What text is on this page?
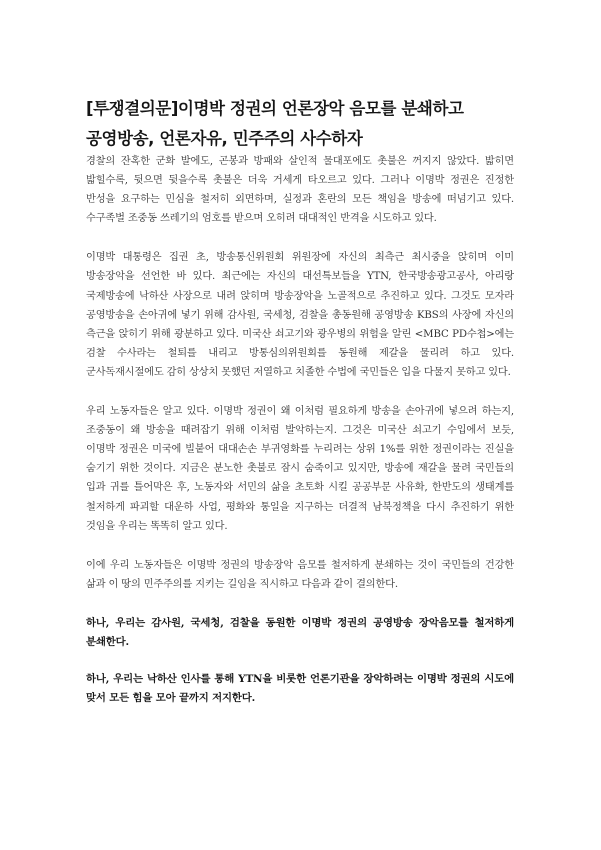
[투쟁결의문]이명박 정권의 언론장악 음모를 분쇄하고
공영방송, 언론자유, 민주주의 사수하자

경찰의 잔혹한 군화 발에도, 곤봉과 방패와 살인적 물대포에도 촛불은 꺼지지 않았다. 밟히면 밟힐수록, 뒷으면 뒷을수록 촛불은 더욱 거세게 타오르고 있다. 그러나 이명박 정권은 진정한 반성을 요구하는 민심을 철저히 외면하며, 실정과 혼란의 모든 책임을 방송에 떠넘기고 있다. 수구족벌 조중동 쓰레기의 엄호를 받으며 오히려 대대적인 반격을 시도하고 있다.

이명박 대통령은 집권 초, 방송통신위원회 위원장에 자신의 최측근 최시중을 앉히며 이미 방송장악을 선언한 바 있다. 최근에는 자신의 대선특보들을 YTN, 한국방송광고공사, 아리랑 국제방송에 낙하산 사장으로 내려 앉히며 방송장악을 노골적으로 추진하고 있다. 그것도 모자라 공영방송을 손아귀에 넣기 위해 감사원, 국세청, 검찰을 총동원해 공영방송 KBS의 사장에 자신의 측근을 앉히기 위해 광분하고 있다. 미국산 쇠고기와 광우병의 위험을 알린 <MBC PD수첩>에는 검찰 수사라는 철퇴를 내리고 방통심의위원회를 동원해 제갈을 물리려 하고 있다. 군사독재시절에도 감히 상상치 못했던 저열하고 치졸한 수법에 국민들은 입을 다물지 못하고 있다.

우리 노동자들은 알고 있다. 이명박 정권이 왜 이처럼 필요하게 방송을 손아귀에 넣으려 하는지, 조중동이 왜 방송을 때려잡기 위해 이처럼 발악하는지. 그것은 미국산 쇠고기 수입에서 보듯, 이명박 정권은 미국에 빌붙어 대대손손 부귀영화를 누리려는 상위 1%를 위한 정권이라는 진실을 숨기기 위한 것이다. 지금은 분노한 촛불로 잠시 숨죽이고 있지만, 방송에 재갈을 물려 국민들의 입과 귀를 틀어막은 후, 노동자와 서민의 삶을 초토화 시킬 공공부문 사유화, 한반도의 생태계를 철저하게 파괴할 대운하 사업, 평화와 통일을 지구하는 더결적 남북정책을 다시 추진하기 위한 것임을 우리는 똑똑히 알고 있다.

이에 우리 노동자들은 이명박 정권의 방송장악 음모를 철저하게 분쇄하는 것이 국민들의 건강한 삶과 이 땅의 민주주의를 지키는 길임을 직시하고 다음과 같이 결의한다.

하나, 우리는 감사원, 국세청, 검찰을 동원한 이명박 정권의 공영방송 장악음모를 철저하게 분쇄한다.

하나, 우리는 낙하산 인사를 통해 YTN을 비롯한 언론기관을 장악하려는 이명박 정권의 시도에 맞서 모든 힘을 모아 끝까지 저지한다.
